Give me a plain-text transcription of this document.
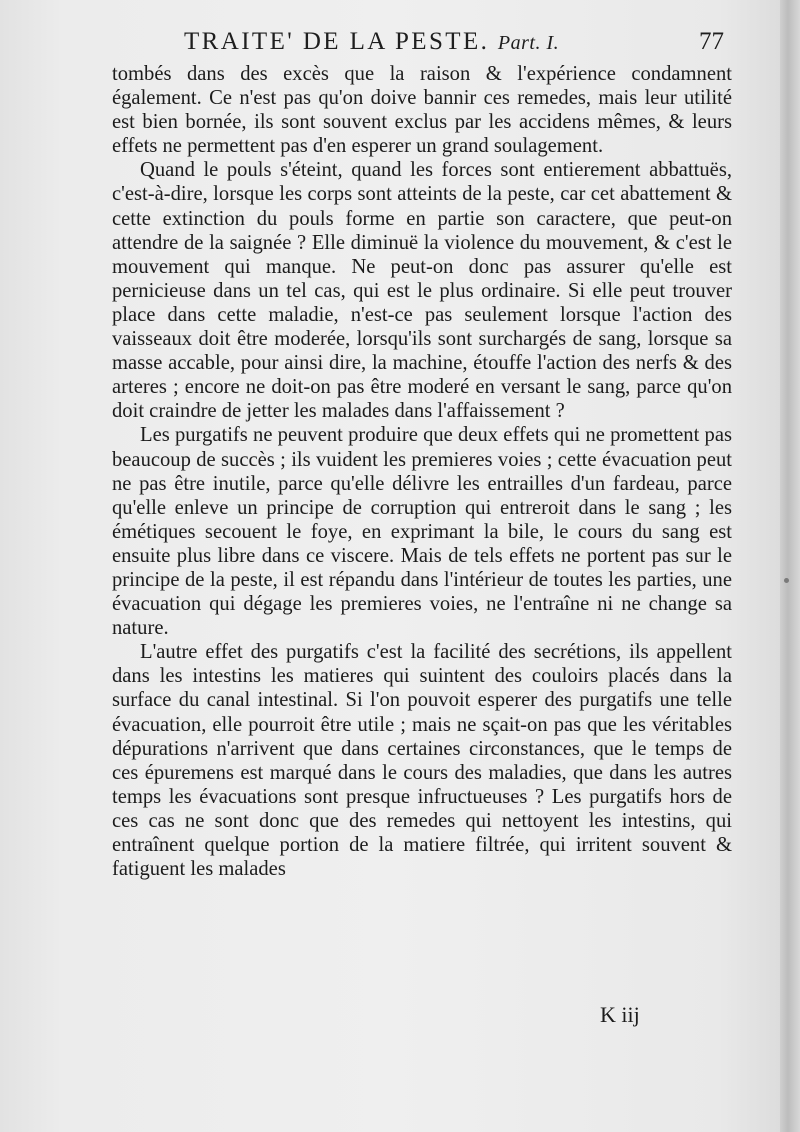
TRAITE' DE LA PESTE. Part. I.	77

tombés dans des excès que la raison & l'expérience condamnent également. Ce n'est pas qu'on doive bannir ces remedes, mais leur utilité est bien bornée, ils sont souvent exclus par les accidens mêmes, & leurs effets ne permettent pas d'en esperer un grand soulagement.

Quand le pouls s'éteint, quand les forces sont entierement abbattuës, c'est-à-dire, lorsque les corps sont atteints de la peste, car cet abattement & cette extinction du pouls forme en partie son caractere, que peut-on attendre de la saignée ? Elle diminuë la violence du mouvement, & c'est le mouvement qui manque. Ne peut-on donc pas assurer qu'elle est pernicieuse dans un tel cas, qui est le plus ordinaire. Si elle peut trouver place dans cette maladie, n'est-ce pas seulement lorsque l'action des vaisseaux doit être moderée, lorsqu'ils sont surchargés de sang, lorsque sa masse accable, pour ainsi dire, la machine, étouffe l'action des nerfs & des arteres ; encore ne doit-on pas être moderé en versant le sang, parce qu'on doit craindre de jetter les malades dans l'affaissement ?

Les purgatifs ne peuvent produire que deux effets qui ne promettent pas beaucoup de succès ; ils vuident les premieres voies ; cette évacuation peut ne pas être inutile, parce qu'elle délivre les entrailles d'un fardeau, parce qu'elle enleve un principe de corruption qui entreroit dans le sang ; les émétiques secouent le foye, en exprimant la bile, le cours du sang est ensuite plus libre dans ce viscere. Mais de tels effets ne portent pas sur le principe de la peste, il est répandu dans l'intérieur de toutes les parties, une évacuation qui dégage les premieres voies, ne l'entraîne ni ne change sa nature.

L'autre effet des purgatifs c'est la facilité des secrétions, ils appellent dans les intestins les matieres qui suintent des couloirs placés dans la surface du canal intestinal. Si l'on pouvoit esperer des purgatifs une telle évacuation, elle pourroit être utile ; mais ne sçait-on pas que les véritables dépurations n'arrivent que dans certaines circonstances, que le temps de ces épuremens est marqué dans le cours des maladies, que dans les autres temps les évacuations sont presque infructueuses ? Les purgatifs hors de ces cas ne sont donc que des remedes qui nettoyent les intestins, qui entraînent quelque portion de la matiere filtrée, qui irritent souvent & fatiguent les malades

K iij
